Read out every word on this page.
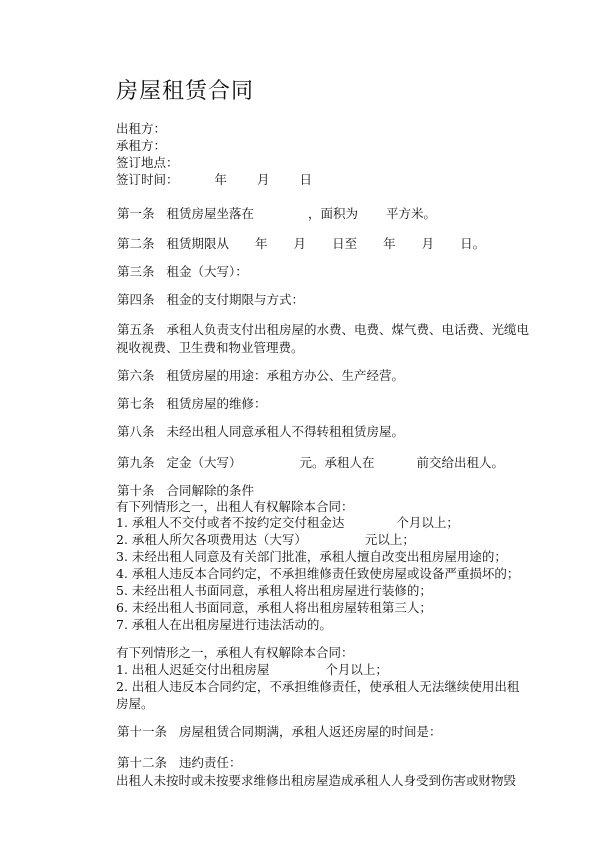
房屋租赁合同
出租方：
承租方：
签订地点：
签订时间：	年 月 日
第一条 租赁房屋坐落在	，面积为 平方米。
第二条 租赁期限从 年 月 日至 年 月 日。
第三条 租金（大写）：
第四条 租金的支付期限与方式：
第五条 承租人负责支付出租房屋的水费、电费、煤气费、电话费、光缆电
视收视费、卫生费和物业管理费。
第六条 租赁房屋的用途：承租方办公、生产经营。
第七条 租赁房屋的维修：
第八条 未经出租人同意承租人不得转租租赁房屋。
第九条 定金（大写）	元。承租人在	前交给出租人。
第十条 合同解除的条件
有下列情形之一，出租人有权解除本合同：
1. 承租人不交付或者不按约定交付租金达	个月以上；
2. 承租人所欠各项费用达（大写）	元以上；
3. 未经出租人同意及有关部门批准，承租人擅自改变出租房屋用途的；
4. 承租人违反本合同约定，不承担维修责任致使房屋或设备严重损坏的；
5. 未经出租人书面同意，承租人将出租房屋进行装修的；
6. 未经出租人书面同意，承租人将出租房屋转租第三人；
7. 承租人在出租房屋进行违法活动的。
有下列情形之一，承租人有权解除本合同：
1. 出租人迟延交付出租房屋	个月以上；
2. 出租人违反本合同约定，不承担维修责任，使承租人无法继续使用出租
房屋。
第十一条 房屋租赁合同期满，承租人返还房屋的时间是：
第十二条 违约责任：
出租人未按时或未按要求维修出租房屋造成承租人人身受到伤害或财物毁
